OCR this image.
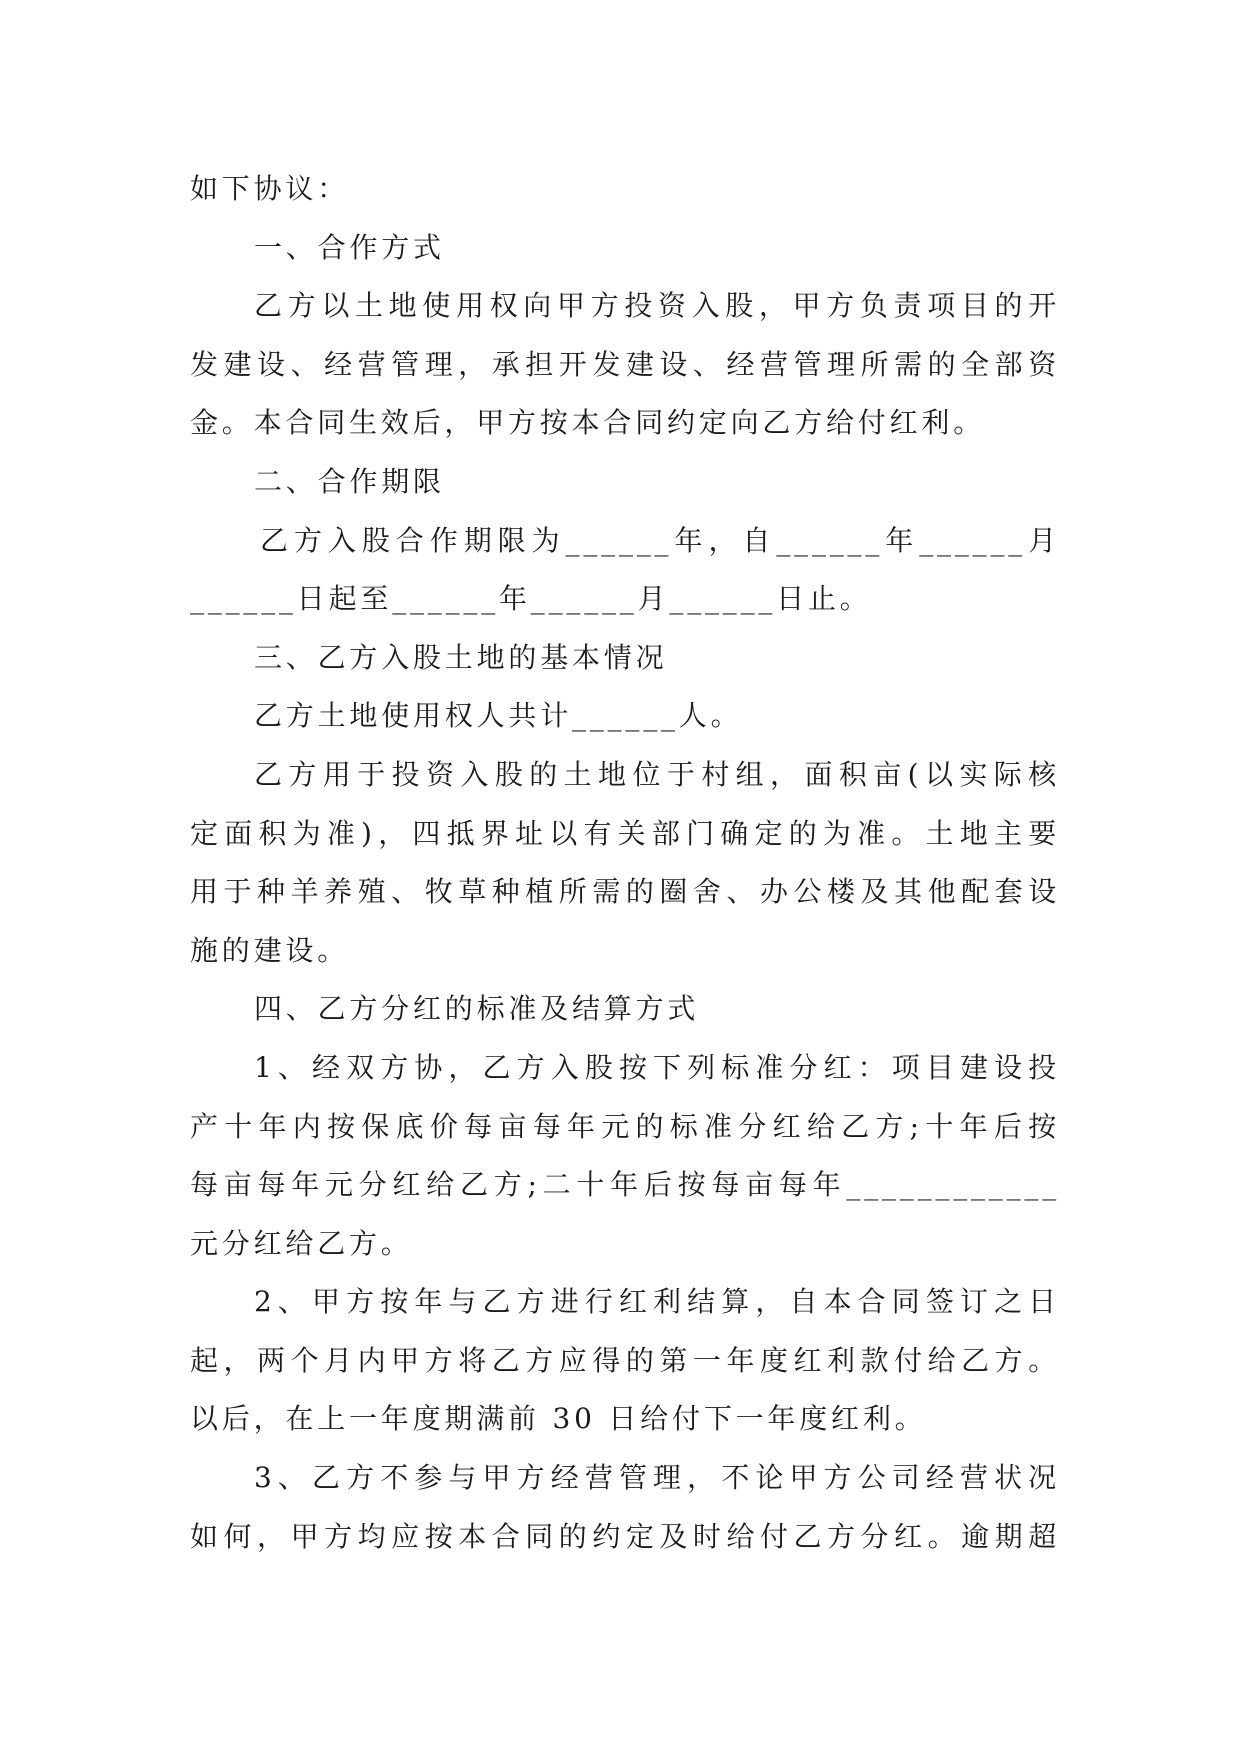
如下协议：
一、合作方式
乙方以土地使用权向甲方投资入股，甲方负责项目的开
发建设、经营管理，承担开发建设、经营管理所需的全部资
金。本合同生效后，甲方按本合同约定向乙方给付红利。
二、合作期限
乙方入股合作期限为______年，自______年______月
______日起至______年______月______日止。
三、乙方入股土地的基本情况
乙方土地使用权人共计______人。
乙方用于投资入股的土地位于村组，面积亩(以实际核
定面积为准)，四抵界址以有关部门确定的为准。土地主要
用于种羊养殖、牧草种植所需的圈舍、办公楼及其他配套设
施的建设。
四、乙方分红的标准及结算方式
1、经双方协，乙方入股按下列标准分红：项目建设投
产十年内按保底价每亩每年元的标准分红给乙方;十年后按
每亩每年元分红给乙方;二十年后按每亩每年____________
元分红给乙方。
2、甲方按年与乙方进行红利结算，自本合同签订之日
起，两个月内甲方将乙方应得的第一年度红利款付给乙方。
以后，在上一年度期满前 30 日给付下一年度红利。
3、乙方不参与甲方经营管理，不论甲方公司经营状况
如何，甲方均应按本合同的约定及时给付乙方分红。逾期超
